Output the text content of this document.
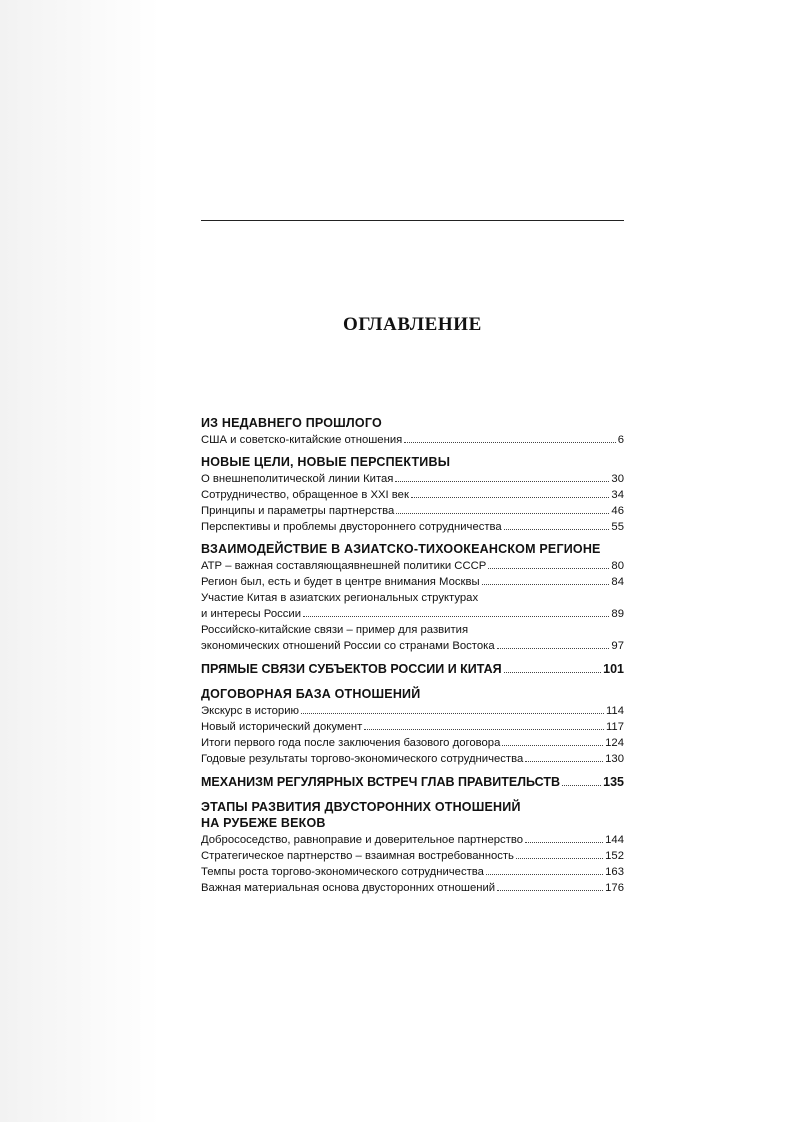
ОГЛАВЛЕНИЕ
ИЗ НЕДАВНЕГО ПРОШЛОГО
США и советско-китайские отношения	6
НОВЫЕ ЦЕЛИ, НОВЫЕ ПЕРСПЕКТИВЫ
О внешнеполитической линии Китая	30
Сотрудничество, обращенное в XXI век	34
Принципы и параметры партнерства	46
Перспективы и проблемы двустороннего сотрудничества	55
ВЗАИМОДЕЙСТВИЕ В АЗИАТСКО-ТИХООКЕАНСКОМ РЕГИОНЕ
АТР – важная составляющаявнешней политики СССР	80
Регион был, есть и будет в центре внимания Москвы	84
Участие Китая в азиатских региональных структурах
и интересы России	89
Российско-китайские связи – пример для развития
экономических отношений России со странами Востока	97
ПРЯМЫЕ СВЯЗИ СУБЪЕКТОВ РОССИИ И КИТАЯ	101
ДОГОВОРНАЯ БАЗА ОТНОШЕНИЙ
Экскурс в историю	114
Новый исторический документ	117
Итоги первого года после заключения базового договора	124
Годовые результаты торгово-экономического сотрудничества	130
МЕХАНИЗМ РЕГУЛЯРНЫХ ВСТРЕЧ ГЛАВ ПРАВИТЕЛЬСТВ	135
ЭТАПЫ РАЗВИТИЯ ДВУСТОРОННИХ ОТНОШЕНИЙ
НА РУБЕЖЕ ВЕКОВ
Добрососедство, равноправие и доверительное партнерство	144
Стратегическое партнерство – взаимная востребованность	152
Темпы роста торгово-экономического сотрудничества	163
Важная материальная основа двусторонних отношений	176
